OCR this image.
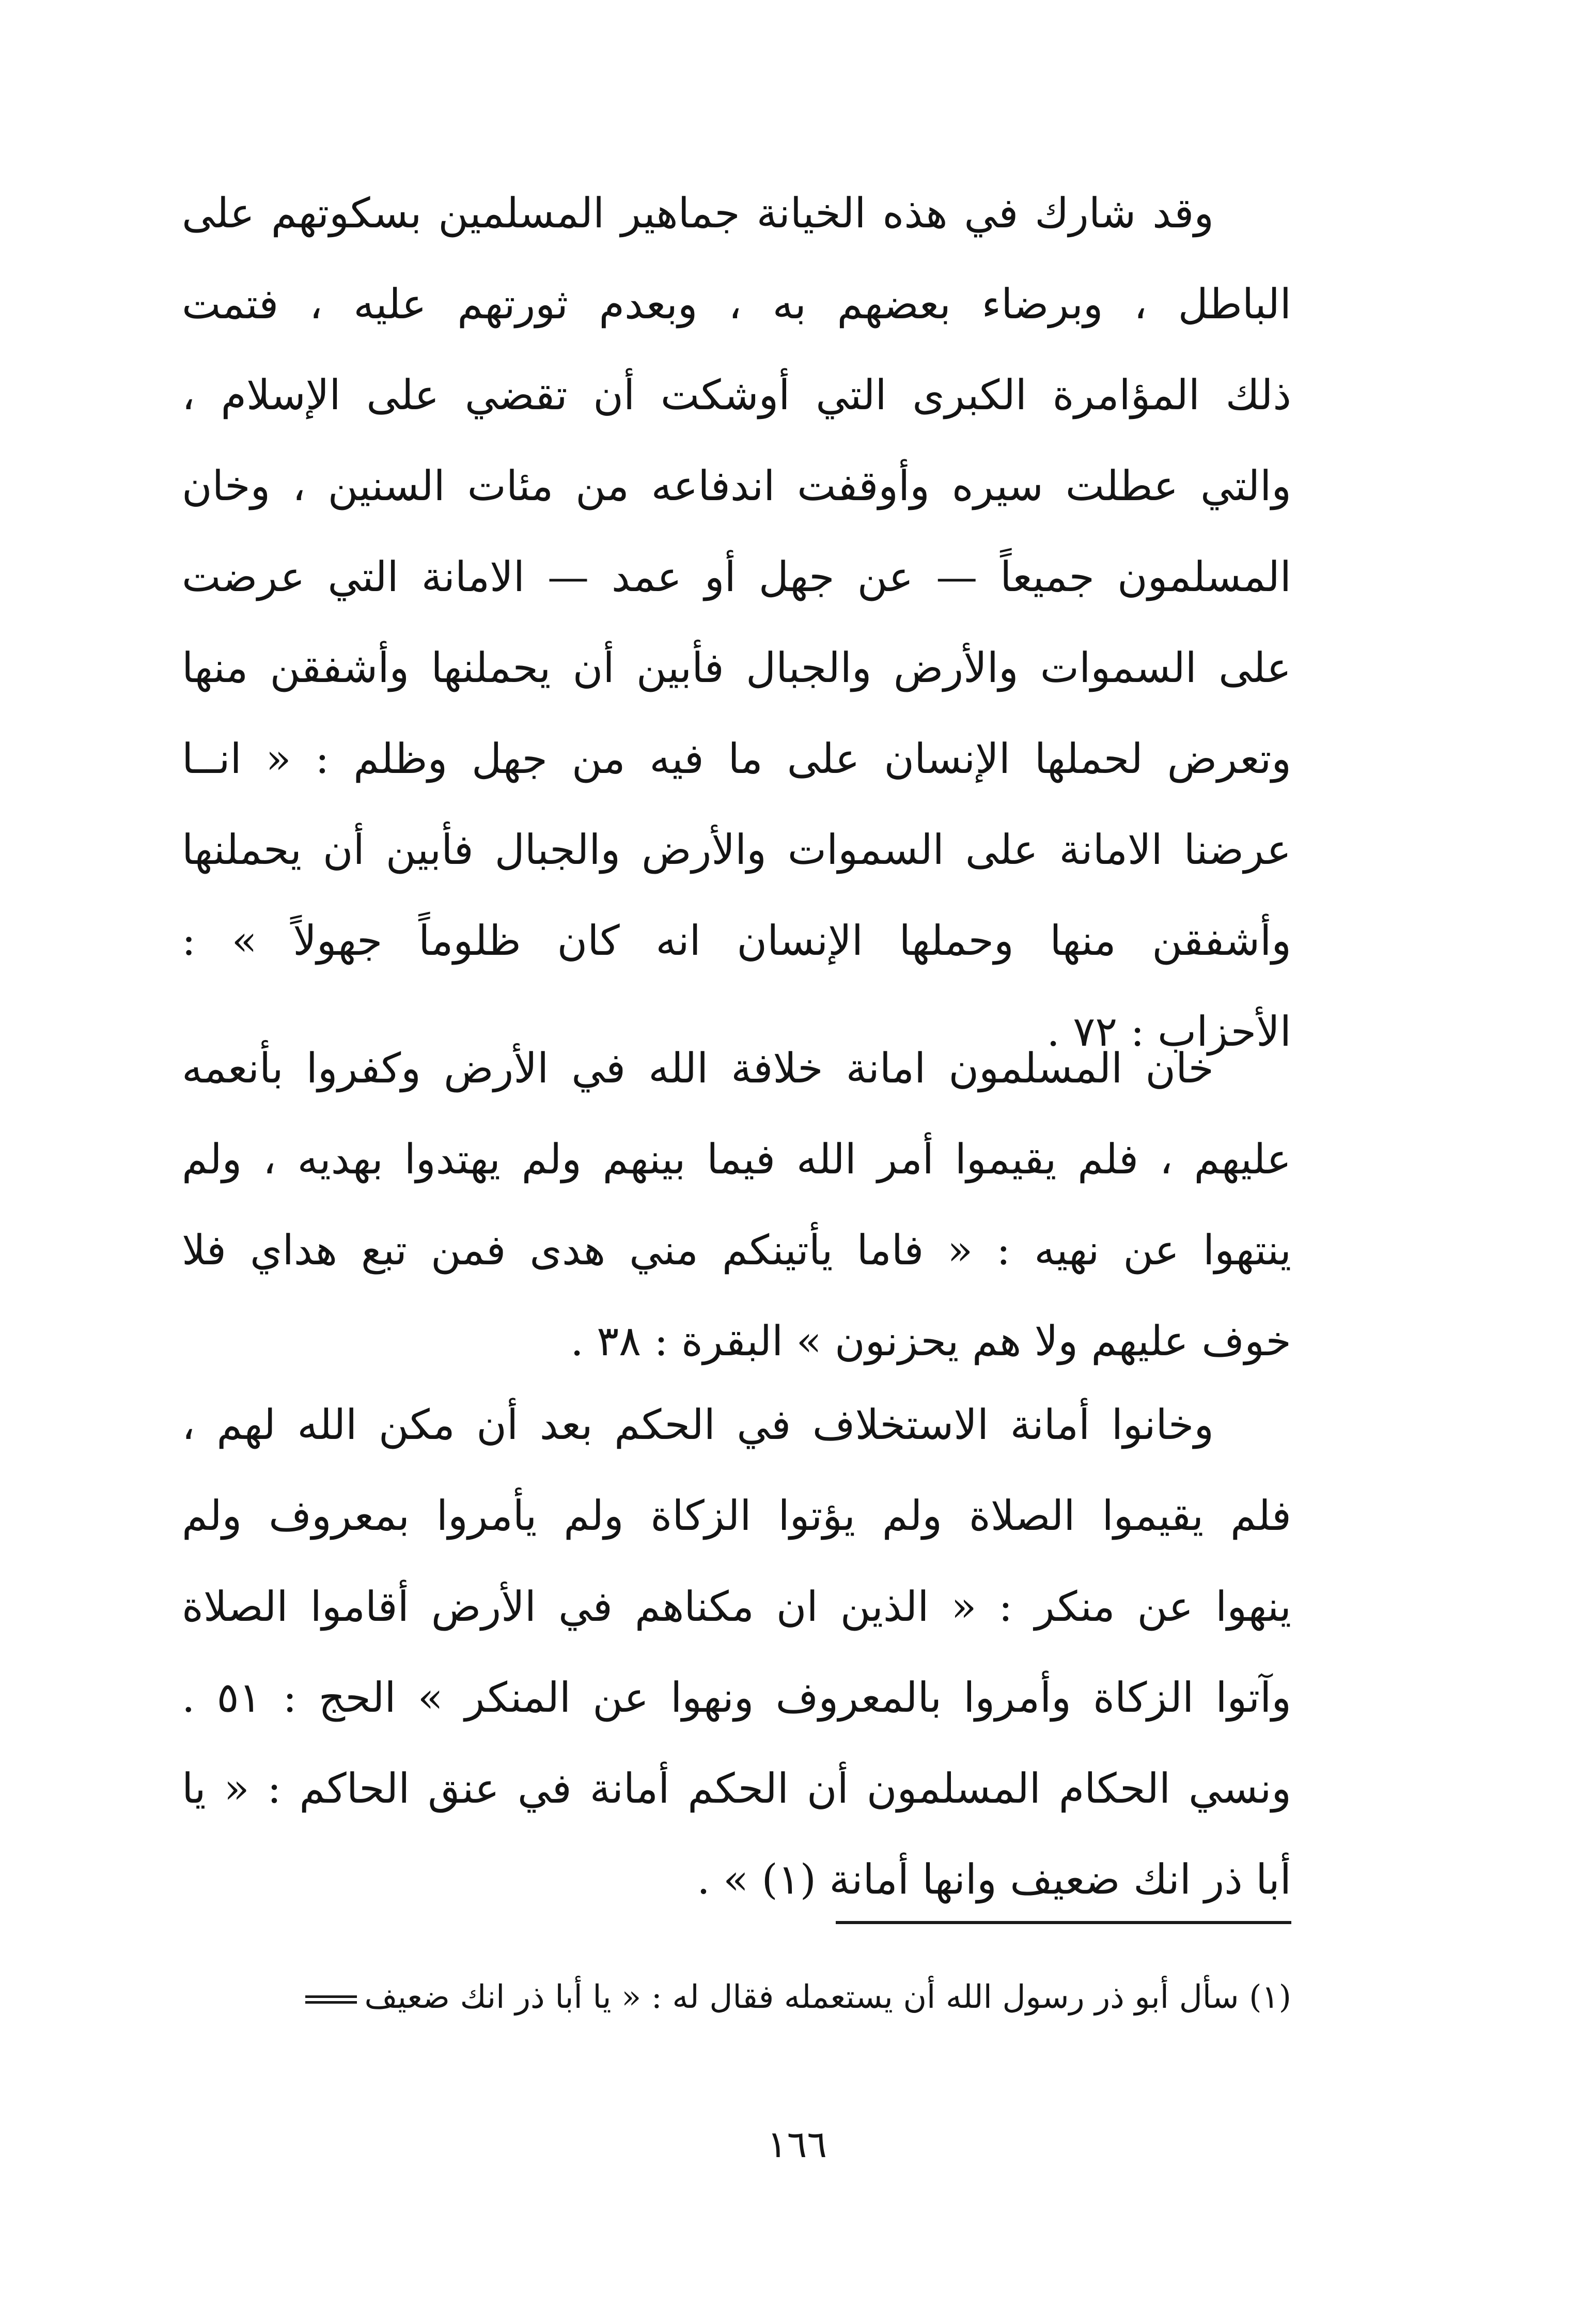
وقد شارك في هذه الخيانة جماهير المسلمين بسكوتهم على
الباطل ، وبرضاء بعضهم به ، وبعدم ثورتهم عليه ، فتمت
ذلك المؤامرة الكبرى التي أوشكت أن تقضي على الإسلام ،
والتي عطلت سيره وأوقفت اندفاعه من مئات السنين ، وخان
المسلمون جميعاً — عن جهل أو عمد — الامانة التي عرضت
على السموات والأرض والجبال فأبين أن يحملنها وأشفقن منها
وتعرض لحملها الإنسان على ما فيه من جهل وظلم : « انــا
عرضنا الامانة على السموات والأرض والجبال فأبين أن يحملنها
وأشفقن منها وحملها الإنسان انه كان ظلوماً جهولاً » :
الأحزاب : ٧٢ .
خان المسلمون امانة خلافة الله في الأرض وكفروا بأنعمه
عليهم ، فلم يقيموا أمر الله فيما بينهم ولم يهتدوا بهديه ، ولم
ينتهوا عن نهيه : « فاما يأتينكم مني هدى فمن تبع هداي فلا
خوف عليهم ولا هم يحزنون » البقرة : ٣٨ .
وخانوا أمانة الاستخلاف في الحكم بعد أن مكن الله لهم ،
فلم يقيموا الصلاة ولم يؤتوا الزكاة ولم يأمروا بمعروف ولم
ينهوا عن منكر : « الذين ان مكناهم في الأرض أقاموا الصلاة
وآتوا الزكاة وأمروا بالمعروف ونهوا عن المنكر » الحج : ٥١ .
ونسي الحكام المسلمون أن الحكم أمانة في عنق الحاكم : « يا
أبا ذر انك ضعيف وانها أمانة (١) » .
(١) سأل أبو ذر رسول الله أن يستعمله فقال له : « يا أبا ذر انك ضعيف
١٦٦
